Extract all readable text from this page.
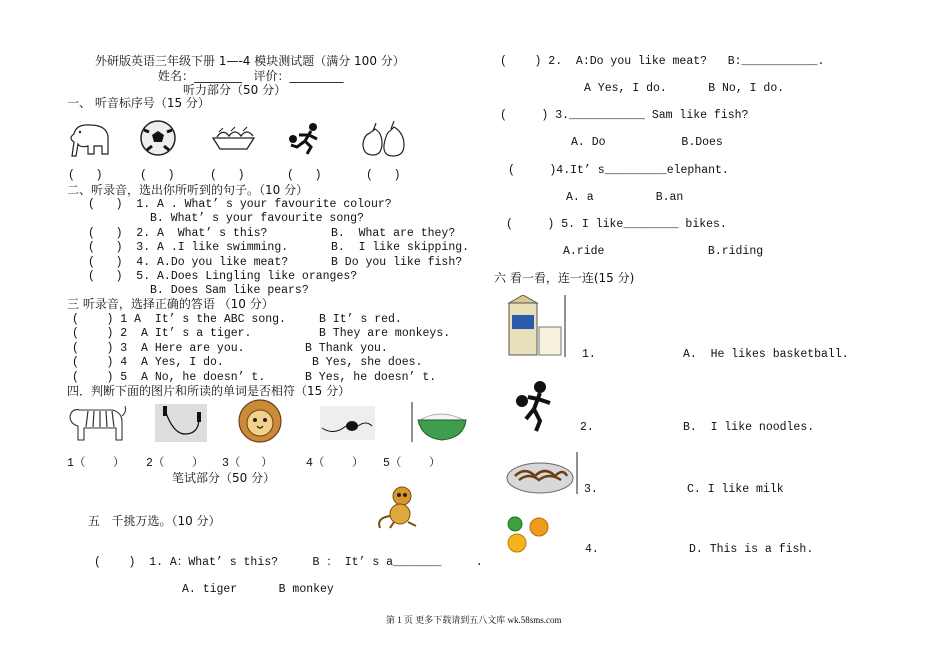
外研版英语三年级下册 1—-4 模块测试题（满分 100 分）
姓名：________   评价：_________
听力部分（50 分）
一、 听音标序号（15 分）
(   )	(   )	(   )	(   )	(   )
二、听录音，选出你所听到的句子。（10 分）
(   )  1. A . What’ s your favourite colour?
B. What’ s your favourite song?
(   )  2. A  What’ s this?	B.  What are they?
(   )  3. A .I like swimming.	B.  I like skipping.
(   )  4. A.Do you like meat?	B Do you like fish?
(   )  5. A.Does Lingling like oranges?
B. Does Sam like pears?
三 听录音，选择正确的答语 （10 分）
(    ) 1 A  It’ s the ABC song.	B It’ s red.
(    ) 2  A It’ s a tiger.	B They are monkeys.
(    ) 3  A Here are you.	B Thank you.
(    ) 4  A Yes, I do.	B Yes, she does.
(    ) 5  A No, he doesn’ t.	B Yes, he doesn’ t.
四．判断下面的图片和所读的单词是否相符（15 分）
1（    ） 2（    ） 3（   ）	4（    ） 5（    ）
笔试部分（50 分）
五   千挑万选。（10 分）
(    )  1. A：What’ s this?     B ： It’ s a_______     .
A. tiger      B monkey
(    ) 2.  A:Do you like meat?   B:___________.
A Yes, I do.      B No, I do.
(     ) 3.___________ Sam like fish?
A. Do           B.Does
(     )4.It’ s_________elephant.
A. a         B.an
(     ) 5. I like________ bikes.
A.ride               B.riding
六 看一看，连一连(15 分)
1.	A.  He likes basketball.
2.	B.  I like noodles.
3.	C. I like milk
4.	D. This is a fish.
第 1 页 更多下载请到五八文库 wk.58sms.com
